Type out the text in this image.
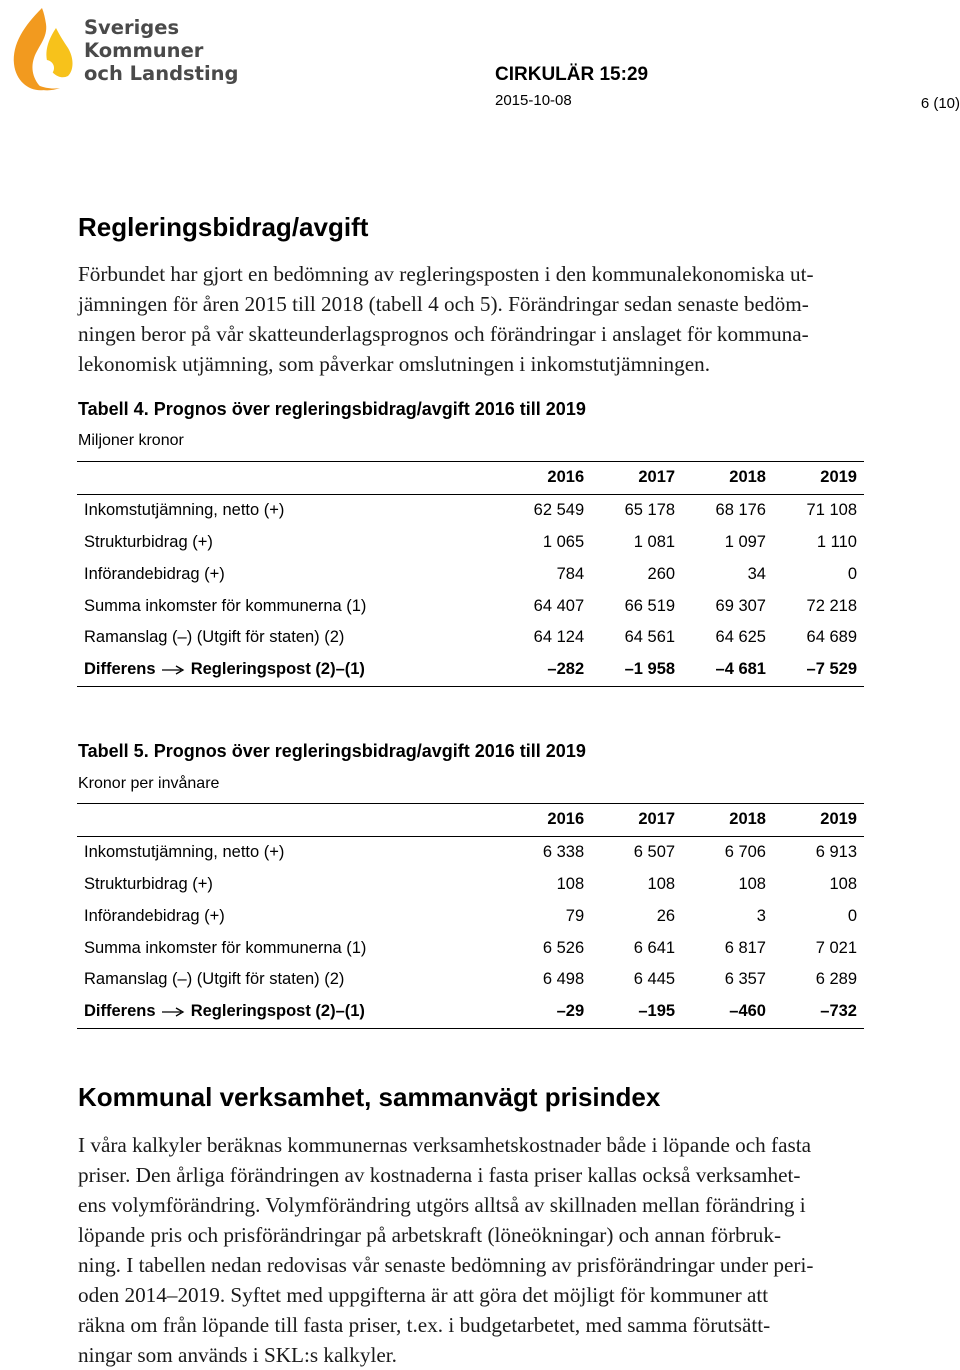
Sveriges
Kommuner
och Landsting	CIRKULÄR 15:29
2015-10-08	6 (10)
Regleringsbidrag/avgift
Förbundet har gjort en bedömning av regleringsposten i den kommunalekonomiska ut-
jämningen för åren 2015 till 2018 (tabell 4 och 5). Förändringar sedan senaste bedöm-
ningen beror på vår skatteunderlagsprognos och förändringar i anslaget för kommuna-
lekonomisk utjämning, som påverkar omslutningen i inkomstutjämningen.
Tabell 4. Prognos över regleringsbidrag/avgift 2016 till 2019
Miljoner kronor
	2016	2017	2018	2019
Inkomstutjämning, netto (+)	62 549	65 178	68 176	71 108
Strukturbidrag (+)	1 065	1 081	1 097	1 110
Införandebidrag (+)	784	260	34	0
Summa inkomster för kommunerna (1)	64 407	66 519	69 307	72 218
Ramanslag (–) (Utgift för staten) (2)	64 124	64 561	64 625	64 689
Differens Regleringspost (2)–(1)	–282	–1 958	–4 681	–7 529
Tabell 5. Prognos över regleringsbidrag/avgift 2016 till 2019
Kronor per invånare
	2016	2017	2018	2019
Inkomstutjämning, netto (+)	6 338	6 507	6 706	6 913
Strukturbidrag (+)	108	108	108	108
Införandebidrag (+)	79	26	3	0
Summa inkomster för kommunerna (1)	6 526	6 641	6 817	7 021
Ramanslag (–) (Utgift för staten) (2)	6 498	6 445	6 357	6 289
Differens Regleringspost (2)–(1)	–29	–195	–460	–732
Kommunal verksamhet, sammanvägt prisindex
I våra kalkyler beräknas kommunernas verksamhetskostnader både i löpande och fasta
priser. Den årliga förändringen av kostnaderna i fasta priser kallas också verksamhet-
ens volymförändring. Volymförändring utgörs alltså av skillnaden mellan förändring i
löpande pris och prisförändringar på arbetskraft (löneökningar) och annan förbruk-
ning. I tabellen nedan redovisas vår senaste bedömning av prisförändringar under peri-
oden 2014–2019. Syftet med uppgifterna är att göra det möjligt för kommuner att
räkna om från löpande till fasta priser, t.ex. i budgetarbetet, med samma förutsätt-
ningar som används i SKL:s kalkyler.
